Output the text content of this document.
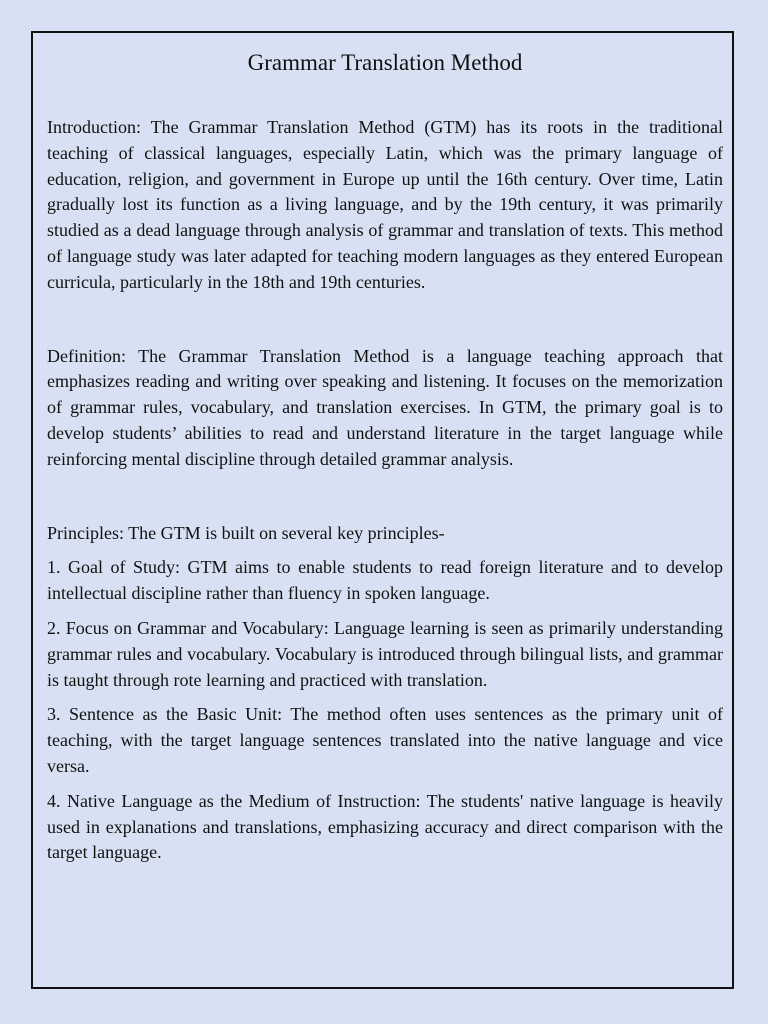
Grammar Translation Method

Introduction: The Grammar Translation Method (GTM) has its roots in the traditional teaching of classical languages, especially Latin, which was the primary language of education, religion, and government in Europe up until the 16th century. Over time, Latin gradually lost its function as a living language, and by the 19th century, it was primarily studied as a dead language through analysis of grammar and translation of texts. This method of language study was later adapted for teaching modern languages as they entered European curricula, particularly in the 18th and 19th centuries.

Definition: The Grammar Translation Method is a language teaching approach that emphasizes reading and writing over speaking and listening. It focuses on the memorization of grammar rules, vocabulary, and translation exercises. In GTM, the primary goal is to develop students’ abilities to read and understand literature in the target language while reinforcing mental discipline through detailed grammar analysis.

Principles: The GTM is built on several key principles-

1. Goal of Study: GTM aims to enable students to read foreign literature and to develop intellectual discipline rather than fluency in spoken language.

2. Focus on Grammar and Vocabulary: Language learning is seen as primarily understanding grammar rules and vocabulary. Vocabulary is introduced through bilingual lists, and grammar is taught through rote learning and practiced with translation.

3. Sentence as the Basic Unit: The method often uses sentences as the primary unit of teaching, with the target language sentences translated into the native language and vice versa.

4. Native Language as the Medium of Instruction: The students' native language is heavily used in explanations and translations, emphasizing accuracy and direct comparison with the target language.
